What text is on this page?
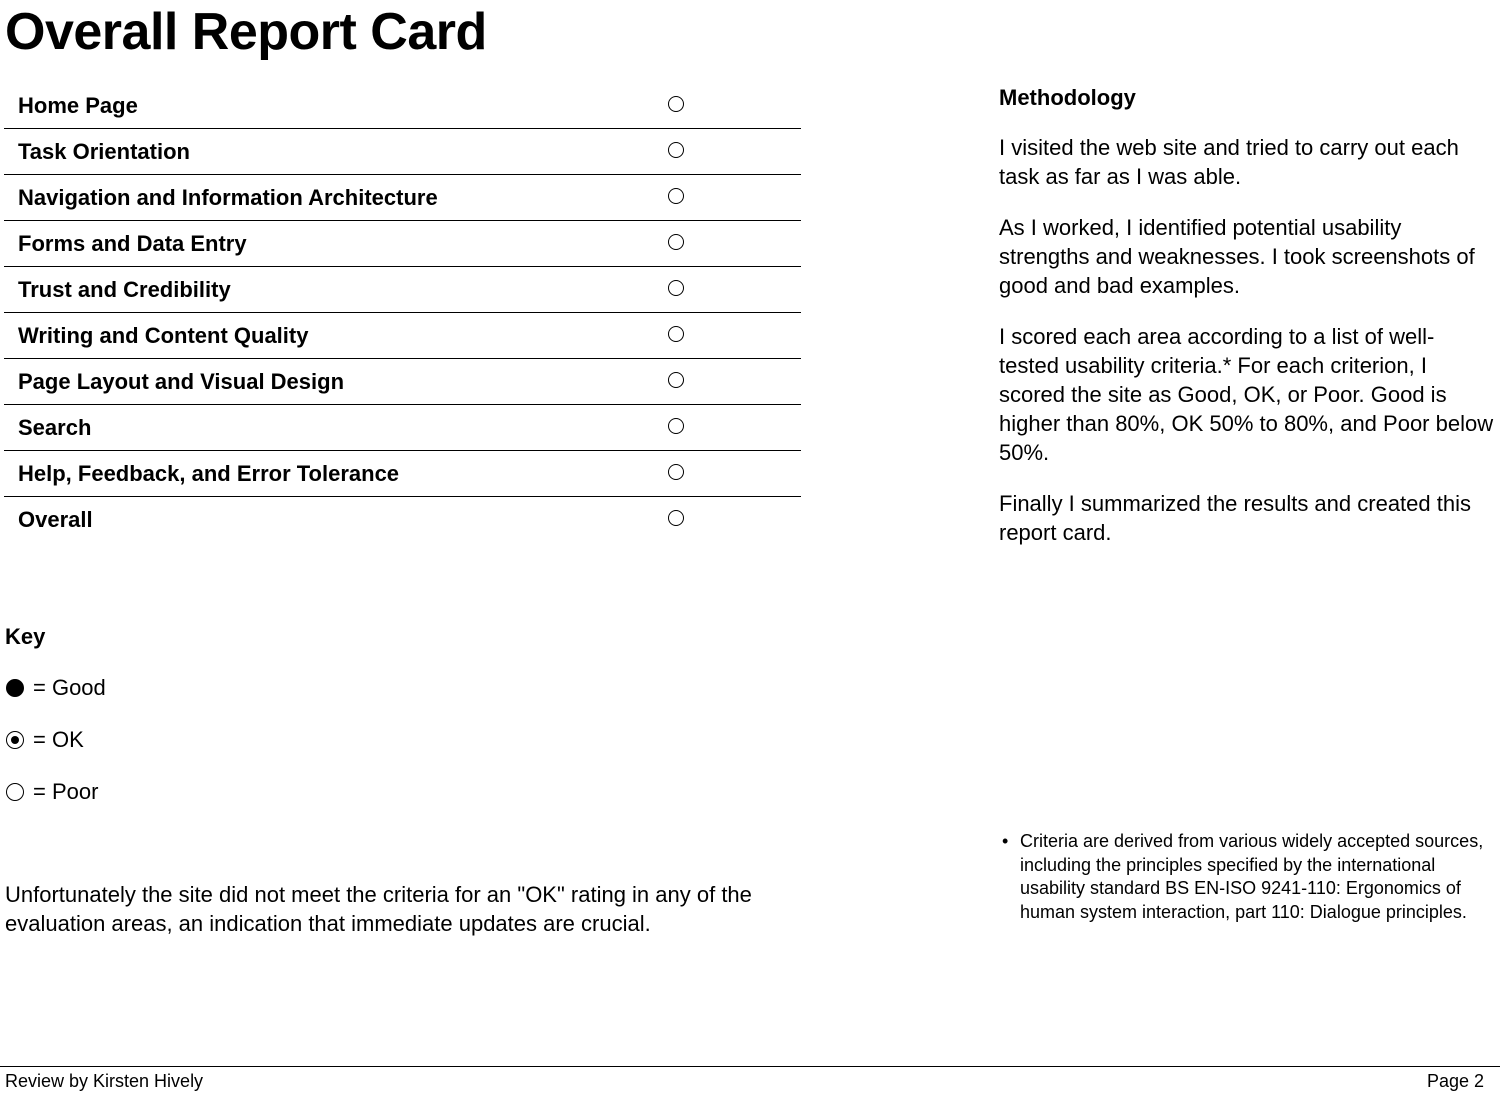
Overall Report Card
Home Page
Task Orientation
Navigation and Information Architecture
Forms and Data Entry
Trust and Credibility
Writing and Content Quality
Page Layout and Visual Design
Search
Help, Feedback, and Error Tolerance
Overall
Key
= Good
= OK
= Poor

Unfortunately the site did not meet the criteria for an "OK" rating in any of the evaluation areas, an indication that immediate updates are crucial.

Methodology

I visited the web site and tried to carry out each task as far as I was able.

As I worked, I identified potential usability strengths and weaknesses. I took screenshots of good and bad examples.

I scored each area according to a list of well-tested usability criteria.* For each criterion, I scored the site as Good, OK, or Poor. Good is higher than 80%, OK 50% to 80%, and Poor below 50%.

Finally I summarized the results and created this report card.

• Criteria are derived from various widely accepted sources, including the principles specified by the international usability standard BS EN-ISO 9241-110: Ergonomics of human system interaction, part 110: Dialogue principles.
Review by Kirsten Hively	Page 2
